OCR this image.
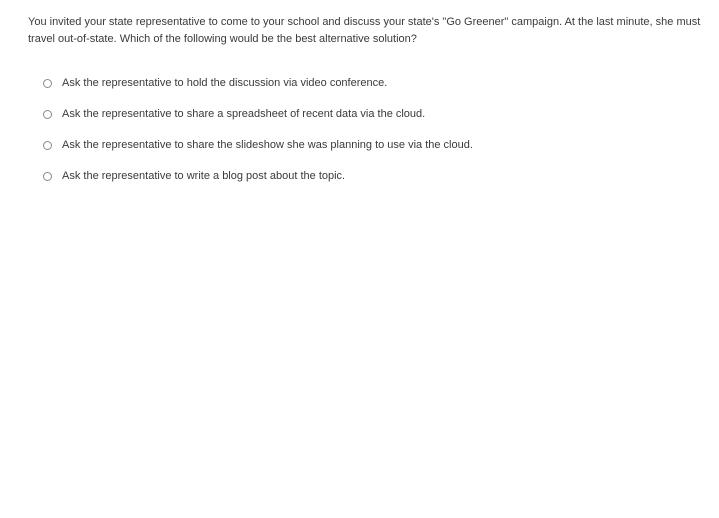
You invited your state representative to come to your school and discuss your state's "Go Greener" campaign. At the last minute, she must travel out-of-state. Which of the following would be the best alternative solution?
Ask the representative to hold the discussion via video conference.
Ask the representative to share a spreadsheet of recent data via the cloud.
Ask the representative to share the slideshow she was planning to use via the cloud.
Ask the representative to write a blog post about the topic.
